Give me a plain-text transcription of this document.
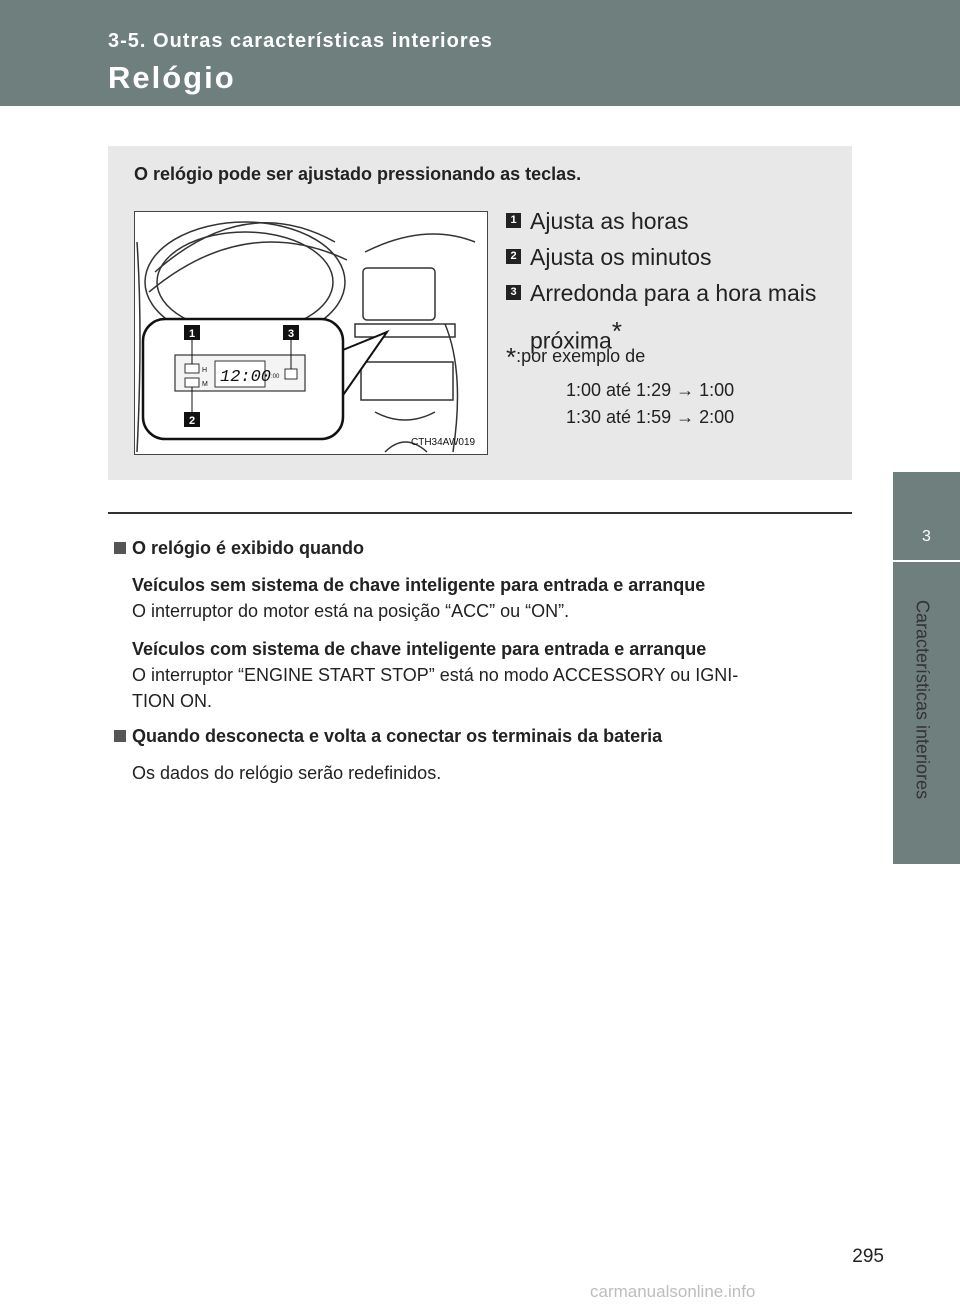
3-5. Outras características interiores
Relógio
3
Características interiores
O relógio pode ser ajustado pressionando as teclas.
H
M
:00
12:00
1	3
2
CTH34AW019
1 Ajusta as horas
2 Ajusta os minutos
3 Arredonda para a hora mais
próxima*
*:por exemplo de
1:00 até 1:29 → 1:00
1:30 até 1:59 → 2:00
O relógio é exibido quando
Veículos sem sistema de chave inteligente para entrada e arranque
O interruptor do motor está na posição “ACC” ou “ON”.
Veículos com sistema de chave inteligente para entrada e arranque
O interruptor “ENGINE START STOP” está no modo ACCESSORY ou IGNI-
TION ON.
Quando desconecta e volta a conectar os terminais da bateria
Os dados do relógio serão redefinidos.
295
carmanualsonline.info
